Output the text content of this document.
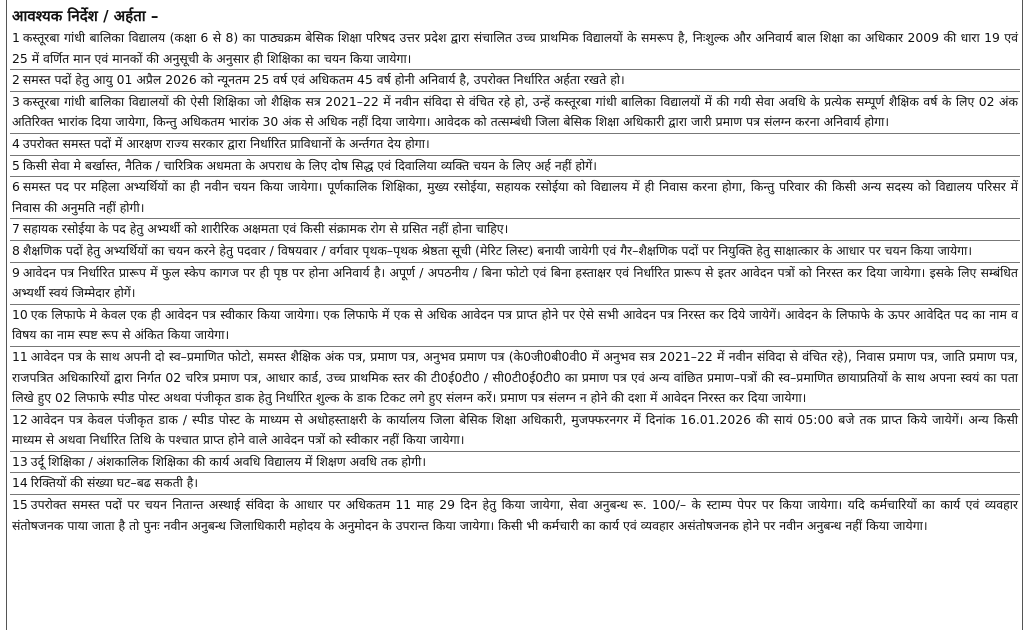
आवश्यक निर्देश / अर्हता –
1 कस्तूरबा गांधी बालिका विद्यालय (कक्षा 6 से 8) का पाठ्यक्रम बेसिक शिक्षा परिषद उत्तर प्रदेश द्वारा संचालित उच्च प्राथमिक विद्यालयों के समरूप है, निःशुल्क और अनिवार्य बाल शिक्षा का अधिकार 2009 की धारा 19 एवं 25 में वर्णित मान एवं मानकों की अनुसूची के अनुसार ही शिक्षिका का चयन किया जायेगा।
2 समस्त पदों हेतु आयु 01 अप्रैल 2026 को न्यूनतम 25 वर्ष एवं अधिकतम 45 वर्ष होनी अनिवार्य है, उपरोक्त निर्धारित अर्हता रखते हो।
3 कस्तूरबा गांधी बालिका विद्यालयों की ऐसी शिक्षिका जो शैक्षिक सत्र 2021–22 में नवीन संविदा से वंचित रहे हो, उन्हें कस्तूरबा गांधी बालिका विद्यालयों में की गयी सेवा अवधि के प्रत्येक सम्पूर्ण शैक्षिक वर्ष के लिए 02 अंक अतिरिक्त भारांक दिया जायेगा, किन्तु अधिकतम भारांक 30 अंक से अधिक नहीं दिया जायेगा। आवेदक को तत्सम्बंधी जिला बेसिक शिक्षा अधिकारी द्वारा जारी प्रमाण पत्र संलग्न करना अनिवार्य होगा।
4 उपरोक्त समस्त पदों में आरक्षण राज्य सरकार द्वारा निर्धारित प्राविधानों के अर्न्तगत देय होगा।
5 किसी सेवा मे बर्खास्त, नैतिक / चारित्रिक अधमता के अपराध के लिए दोष सिद्ध एवं दिवालिया व्यक्ति चयन के लिए अर्ह नहीं होगें।
6 समस्त पद पर महिला अभ्यर्थियों का ही नवीन चयन किया जायेगा। पूर्णकालिक शिक्षिका, मुख्य रसोईया, सहायक रसोईया को विद्यालय में ही निवास करना होगा, किन्तु परिवार की किसी अन्य सदस्य को विद्यालय परिसर में निवास की अनुमति नहीं होगी।
7 सहायक रसोईया के पद हेतु अभ्यर्थी को शारीरिक अक्षमता एवं किसी संक्रामक रोग से ग्रसित नहीं होना चाहिए।
8 शैक्षणिक पदों हेतु अभ्यर्थियों का चयन करने हेतु पदवार / विषयवार / वर्गवार पृथक–पृथक श्रेष्ठता सूची (मेरिट लिस्ट) बनायी जायेगी एवं गैर–शैक्षणिक पदों पर नियुक्ति हेतु साक्षात्कार के आधार पर चयन किया जायेगा।
9 आवेदन पत्र निर्धारित प्रारूप में फुल स्केप कागज पर ही पृष्ठ पर होना अनिवार्य है। अपूर्ण / अपठनीय / बिना फोटो एवं बिना हस्ताक्षर एवं निर्धारित प्रारूप से इतर आवेदन पत्रों को निरस्त कर दिया जायेगा। इसके लिए सम्बंधित अभ्यर्थी स्वयं जिम्मेदार होगें।
10 एक लिफाफे मे केवल एक ही आवेदन पत्र स्वीकार किया जायेगा। एक लिफाफे में एक से अधिक आवेदन पत्र प्राप्त होने पर ऐसे सभी आवेदन पत्र निरस्त कर दिये जायेगें। आवेदन के लिफाफे के ऊपर आवेदित पद का नाम व विषय का नाम स्पष्ट रूप से अंकित किया जायेगा।
11 आवेदन पत्र के साथ अपनी दो स्व–प्रमाणित फोटो, समस्त शैक्षिक अंक पत्र, प्रमाण पत्र, अनुभव प्रमाण पत्र (के0जी0बी0वी0 में अनुभव सत्र 2021–22 में नवीन संविदा से वंचित रहे), निवास प्रमाण पत्र, जाति प्रमाण पत्र, राजपत्रित अधिकारियों द्वारा निर्गत 02 चरित्र प्रमाण पत्र, आधार कार्ड, उच्च प्राथमिक स्तर की टी0ई0टी0 / सी0टी0ई0टी0 का प्रमाण पत्र एवं अन्य वांछित प्रमाण–पत्रों की स्व–प्रमाणित छायाप्रतियों के साथ अपना स्वयं का पता लिखे हुए 02 लिफाफे स्पीड पोस्ट अथवा पंजीकृत डाक हेतु निर्धारित शुल्क के डाक टिकट लगे हुए संलग्न करें। प्रमाण पत्र संलग्न न होने की दशा में आवेदन निरस्त कर दिया जायेगा।
12 आवेदन पत्र केवल पंजीकृत डाक / स्पीड पोस्ट के माध्यम से अधोहस्ताक्षरी के कार्यालय जिला बेसिक शिक्षा अधिकारी, मुजफ्फरनगर में दिनांक 16.01.2026 की सायं 05:00 बजे तक प्राप्त किये जायेगें। अन्य किसी माध्यम से अथवा निर्धारित तिथि के पश्चात प्राप्त होने वाले आवेदन पत्रों को स्वीकार नहीं किया जायेगा।
13 उर्दू शिक्षिका / अंशकालिक शिक्षिका की कार्य अवधि विद्यालय में शिक्षण अवधि तक होगी।
14 रिक्तियों की संख्या घट–बढ सकती है।
15 उपरोक्त समस्त पदों पर चयन नितान्त अस्थाई संविदा के आधार पर अधिकतम 11 माह 29 दिन हेतु किया जायेगा, सेवा अनुबन्ध रू. 100/– के स्टाम्प पेपर पर किया जायेगा। यदि कर्मचारियों का कार्य एवं व्यवहार संतोषजनक पाया जाता है तो पुनः नवीन अनुबन्ध जिलाधिकारी महोदय के अनुमोदन के उपरान्त किया जायेगा। किसी भी कर्मचारी का कार्य एवं व्यवहार असंतोषजनक होने पर नवीन अनुबन्ध नहीं किया जायेगा।
